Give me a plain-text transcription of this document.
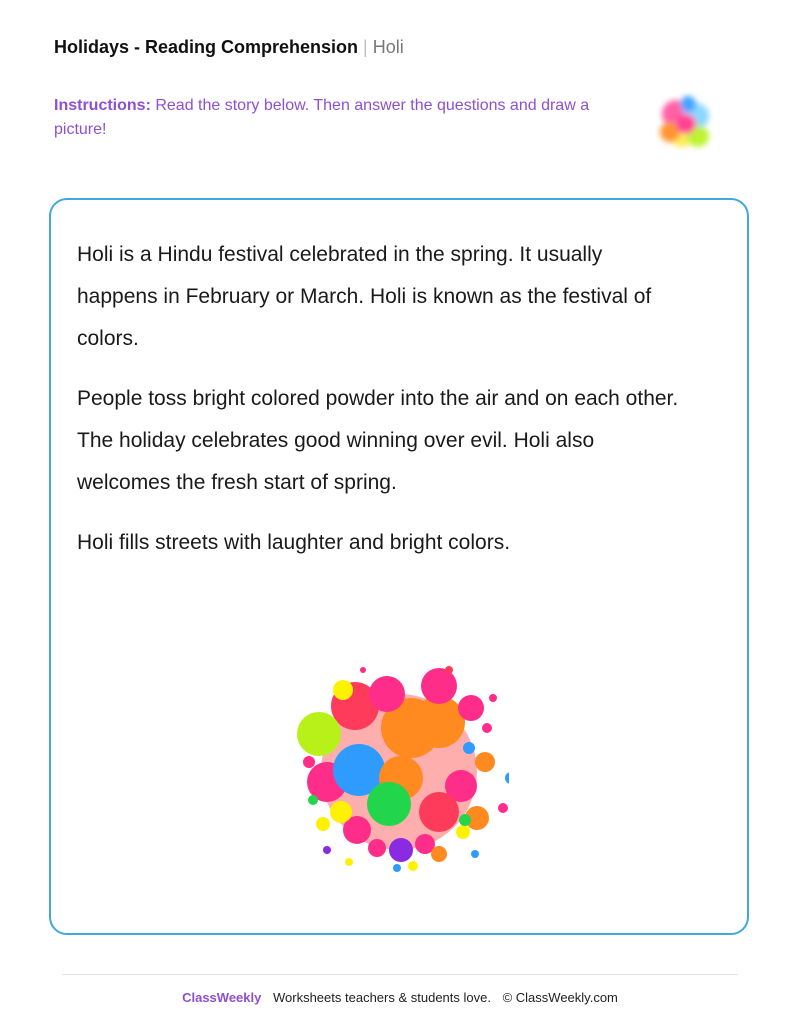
Holidays - Reading Comprehension | Holi
Instructions: Read the story below. Then answer the questions and draw a picture!

Holi is a Hindu festival celebrated in the spring. It usually happens in February or March. Holi is known as the festival of colors.

People toss bright colored powder into the air and on each other. The holiday celebrates good winning over evil. Holi also welcomes the fresh start of spring.

Holi fills streets with laughter and bright colors.

ClassWeekly Worksheets teachers & students love. © ClassWeekly.com
